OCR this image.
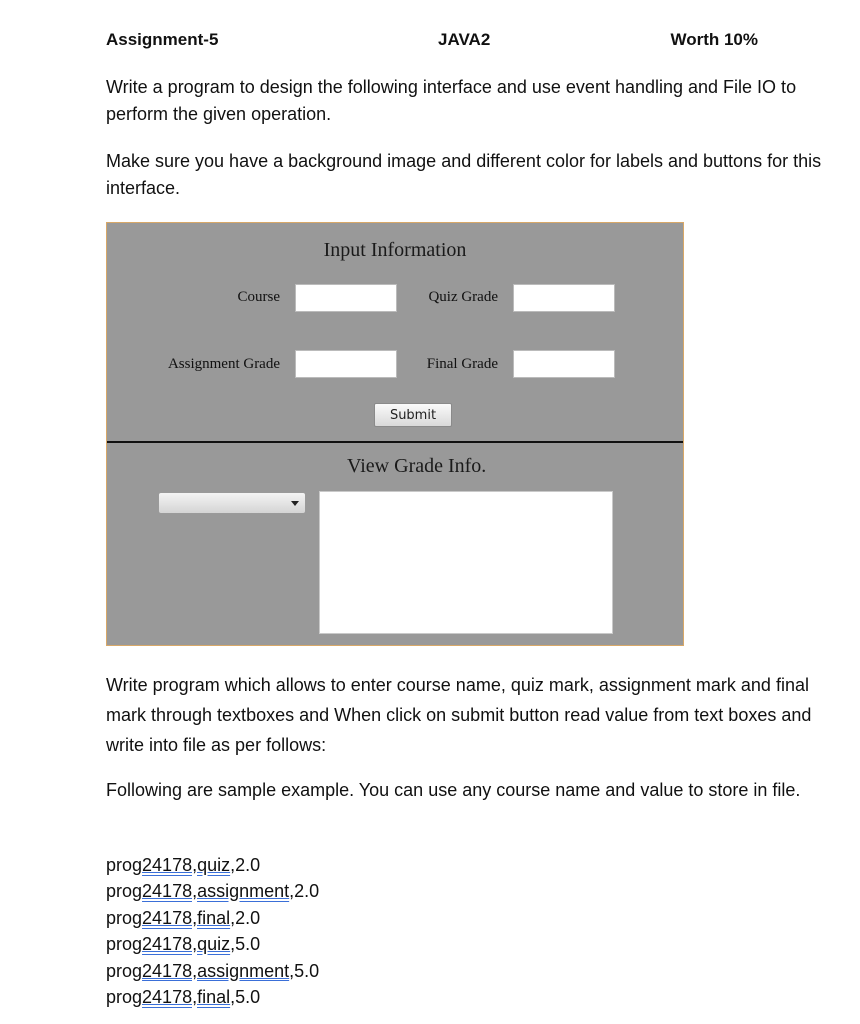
Assignment-5	JAVA2	Worth 10%

Write a program to design the following interface and use event handling and File IO to perform the given operation.

Make sure you have a background image and different color for labels and buttons for this interface.

Input Information
Course	Quiz Grade
Assignment Grade	Final Grade
Submit
View Grade Info.

Write program which allows to enter course name, quiz mark, assignment mark and final mark through textboxes and When click on submit button read value from text boxes and write into file as per follows:

Following are sample example. You can use any course name and value to store in file.

prog24178,quiz,2.0
prog24178,assignment,2.0
prog24178,final,2.0
prog24178,quiz,5.0
prog24178,assignment,5.0
prog24178,final,5.0
